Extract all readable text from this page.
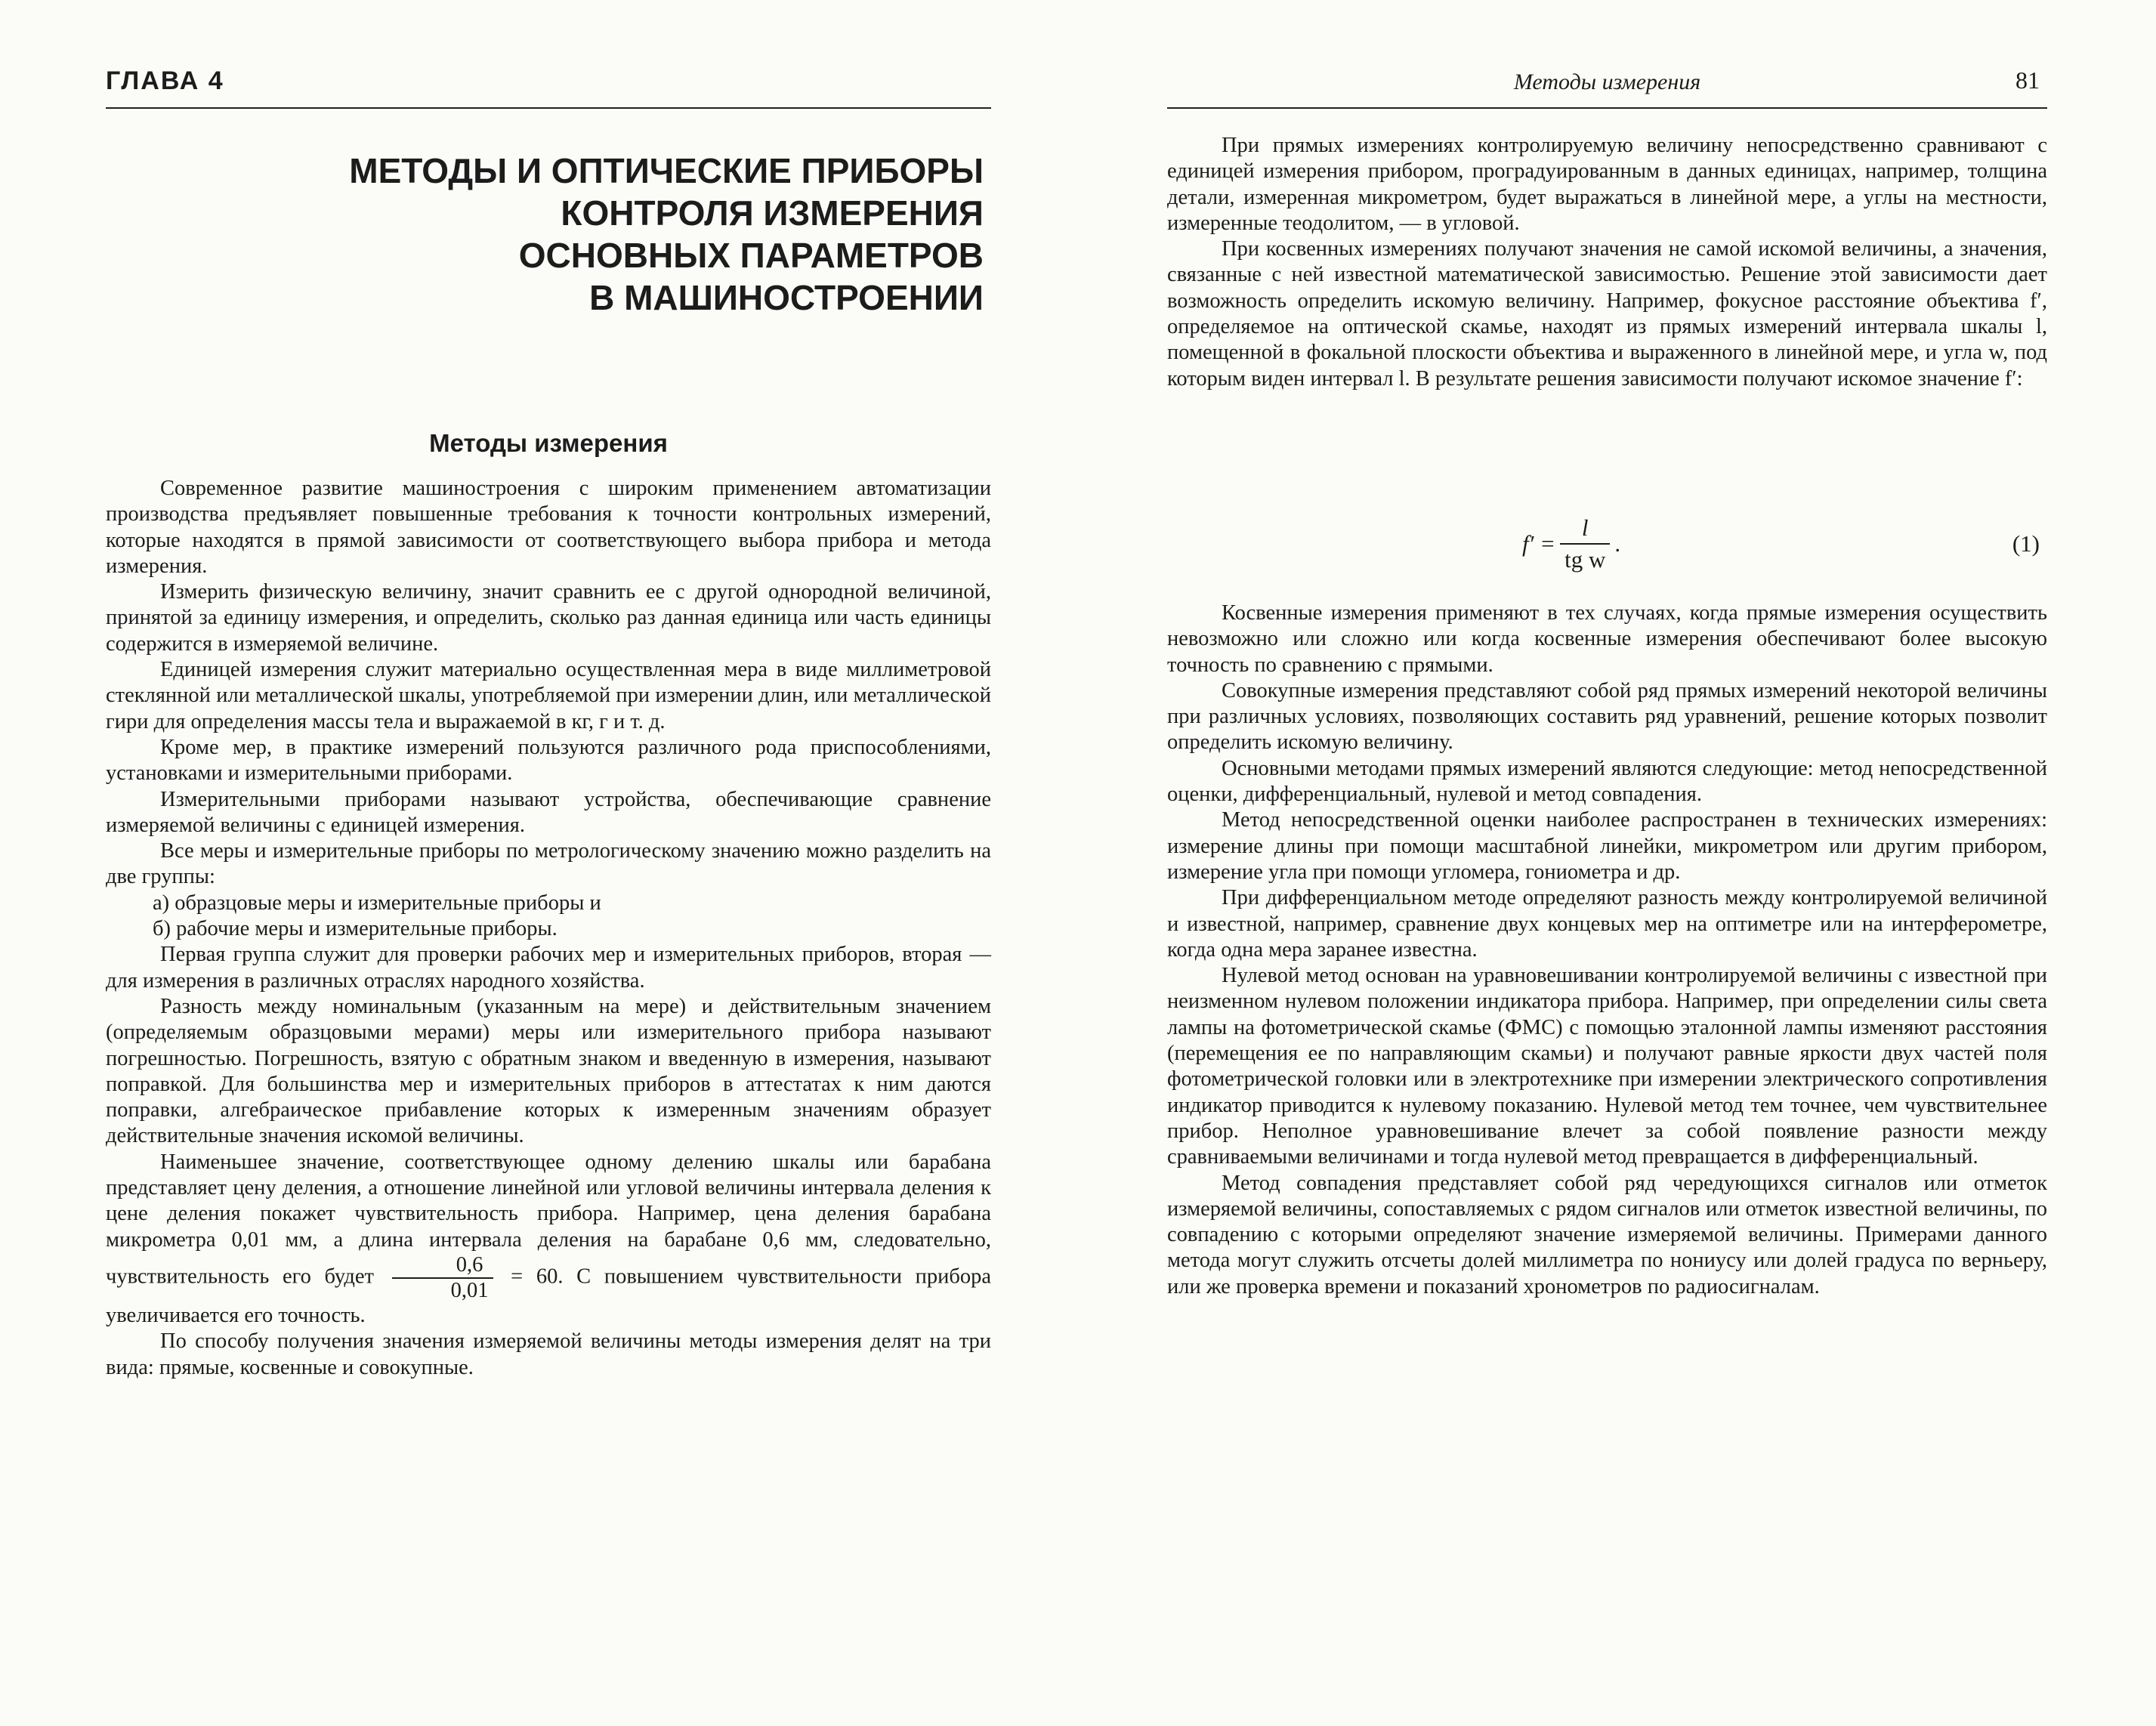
ГЛАВА 4
МЕТОДЫ И ОПТИЧЕСКИЕ ПРИБОРЫ
КОНТРОЛЯ ИЗМЕРЕНИЯ
ОСНОВНЫХ ПАРАМЕТРОВ
В МАШИНОСТРОЕНИИ
Методы измерения

Современное развитие машиностроения с широким применением автоматизации производства предъявляет повышенные требования к точности контрольных измерений, которые находятся в прямой зависимости от соответствующего выбора прибора и метода измерения.

Измерить физическую величину, значит сравнить ее с другой однородной величиной, принятой за единицу измерения, и определить, сколько раз данная единица или часть единицы содержится в измеряемой величине.

Единицей измерения служит материально осуществленная мера в виде миллиметровой стеклянной или металлической шкалы, употребляемой при измерении длин, или металлической гири для определения массы тела и выражаемой в кг, г и т. д.

Кроме мер, в практике измерений пользуются различного рода приспособлениями, установками и измерительными приборами.

Измерительными приборами называют устройства, обеспечивающие сравнение измеряемой величины с единицей измерения.

Все меры и измерительные приборы по метрологическому значению можно разделить на две группы:

а) образцовые меры и измерительные приборы и

б) рабочие меры и измерительные приборы.

Первая группа служит для проверки рабочих мер и измерительных приборов, вторая — для измерения в различных отраслях народного хозяйства.

Разность между номинальным (указанным на мере) и действительным значением (определяемым образцовыми мерами) меры или измерительного прибора называют погрешностью. Погрешность, взятую с обратным знаком и введенную в измерения, называют поправкой. Для большинства мер и измерительных приборов в аттестатах к ним даются поправки, алгебраическое прибавление которых к измеренным значениям образует действительные значения искомой величины.

Наименьшее значение, соответствующее одному делению шкалы или барабана представляет цену деления, а отношение линейной или угловой величины интервала деления к цене деления покажет чувствительность прибора. Например, цена деления барабана микрометра 0,01 мм, а длина интервала деления на барабане 0,6 мм, следовательно, чувствительность его будет $\frac{0,6}{0,01} = 60$. С повышением чувствительности прибора увеличивается его точность.

По способу получения значения измеряемой величины методы измерения делят на три вида: прямые, косвенные и совокупные.

Методы измерения	81

При прямых измерениях контролируемую величину непосредственно сравнивают с единицей измерения прибором, проградуированным в данных единицах, например, толщина детали, измеренная микрометром, будет выражаться в линейной мере, а углы на местности, измеренные теодолитом, — в угловой.

При косвенных измерениях получают значения не самой искомой величины, а значения, связанные с ней известной математической зависимостью. Решение этой зависимости дает возможность определить искомую величину. Например, фокусное расстояние объектива f′, определяемое на оптической скамье, находят из прямых измерений интервала шкалы l, помещенной в фокальной плоскости объектива и выраженного в линейной мере, и угла w, под которым виден интервал l. В результате решения зависимости получают искомое значение f′:

$f' = \frac{l}{\text{tg w}}$ .	(1)

Косвенные измерения применяют в тех случаях, когда прямые измерения осуществить невозможно или сложно или когда косвенные измерения обеспечивают более высокую точность по сравнению с прямыми.

Совокупные измерения представляют собой ряд прямых измерений некоторой величины при различных условиях, позволяющих составить ряд уравнений, решение которых позволит определить искомую величину.

Основными методами прямых измерений являются следующие: метод непосредственной оценки, дифференциальный, нулевой и метод совпадения.

Метод непосредственной оценки наиболее распространен в технических измерениях: измерение длины при помощи масштабной линейки, микрометром или другим прибором, измерение угла при помощи угломера, гониометра и др.

При дифференциальном методе определяют разность между контролируемой величиной и известной, например, сравнение двух концевых мер на оптиметре или на интерферометре, когда одна мера заранее известна.

Нулевой метод основан на уравновешивании контролируемой величины с известной при неизменном нулевом положении индикатора прибора. Например, при определении силы света лампы на фотометрической скамье (ФМС) с помощью эталонной лампы изменяют расстояния (перемещения ее по направляющим скамьи) и получают равные яркости двух частей поля фотометрической головки или в электротехнике при измерении электрического сопротивления индикатор приводится к нулевому показанию. Нулевой метод тем точнее, чем чувствительнее прибор. Неполное уравновешивание влечет за собой появление разности между сравниваемыми величинами и тогда нулевой метод превращается в дифференциальный.

Метод совпадения представляет собой ряд чередующихся сигналов или отметок измеряемой величины, сопоставляемых с рядом сигналов или отметок известной величины, по совпадению с которыми определяют значение измеряемой величины. Примерами данного метода могут служить отсчеты долей миллиметра по нониусу или долей градуса по верньеру, или же проверка времени и показаний хронометров по радиосигналам.
